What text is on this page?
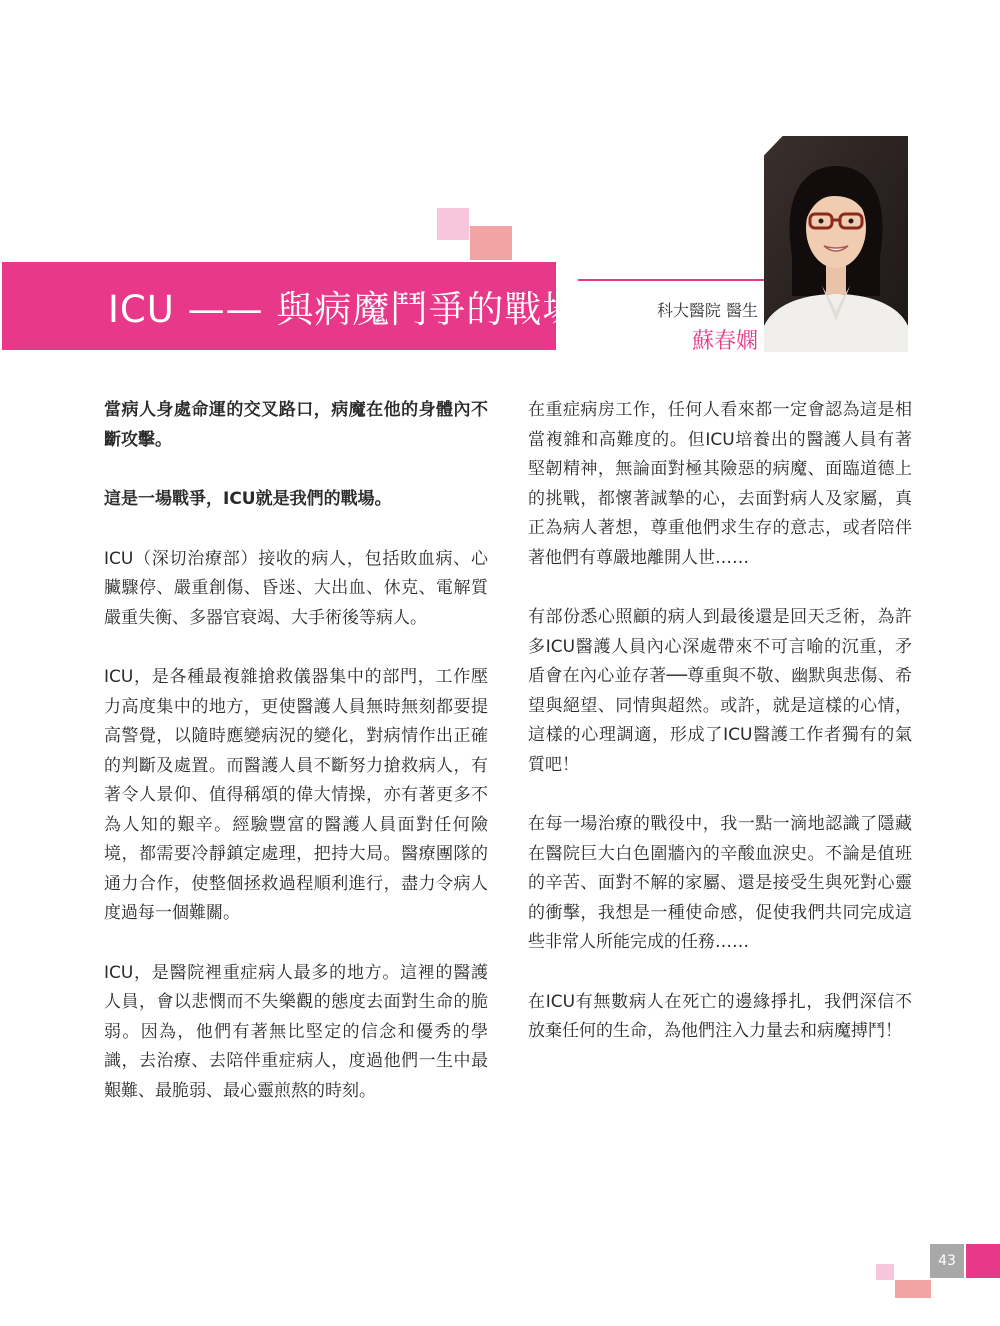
ICU —— 與病魔鬥爭的戰場	科大醫院 醫生
蘇春嫻

當病人身處命運的交叉路口，病魔在他的身體內不斷攻擊。

這是一場戰爭，ICU就是我們的戰場。

ICU（深切治療部）接收的病人，包括敗血病、心臟驟停、嚴重創傷、昏迷、大出血、休克、電解質嚴重失衡、多器官衰竭、大手術後等病人。

ICU，是各種最複雜搶救儀器集中的部門，工作壓力高度集中的地方，更使醫護人員無時無刻都要提高警覺，以隨時應變病況的變化，對病情作出正確的判斷及處置。而醫護人員不斷努力搶救病人，有著令人景仰、值得稱頌的偉大情操，亦有著更多不為人知的艱辛。經驗豐富的醫護人員面對任何險境，都需要冷靜鎮定處理，把持大局。醫療團隊的通力合作，使整個拯救過程順利進行，盡力令病人度過每一個難關。

ICU，是醫院裡重症病人最多的地方。這裡的醫護人員，會以悲憫而不失樂觀的態度去面對生命的脆弱。因為，他們有著無比堅定的信念和優秀的學識，去治療、去陪伴重症病人，度過他們一生中最艱難、最脆弱、最心靈煎熬的時刻。

在重症病房工作，任何人看來都一定會認為這是相當複雜和高難度的。但ICU培養出的醫護人員有著堅韌精神，無論面對極其險惡的病魔、面臨道德上的挑戰，都懷著誠摯的心，去面對病人及家屬，真正為病人著想，尊重他們求生存的意志，或者陪伴著他們有尊嚴地離開人世……

有部份悉心照顧的病人到最後還是回天乏術，為許多ICU醫護人員內心深處帶來不可言喻的沉重，矛盾會在內心並存著──尊重與不敬、幽默與悲傷、希望與絕望、同情與超然。或許，就是這樣的心情，這樣的心理調適，形成了ICU醫護工作者獨有的氣質吧！

在每一場治療的戰役中，我一點一滴地認識了隱藏在醫院巨大白色圍牆內的辛酸血淚史。不論是值班的辛苦、面對不解的家屬、還是接受生與死對心靈的衝擊，我想是一種使命感，促使我們共同完成這些非常人所能完成的任務……

在ICU有無數病人在死亡的邊緣掙扎，我們深信不放棄任何的生命，為他們注入力量去和病魔搏鬥！

43
